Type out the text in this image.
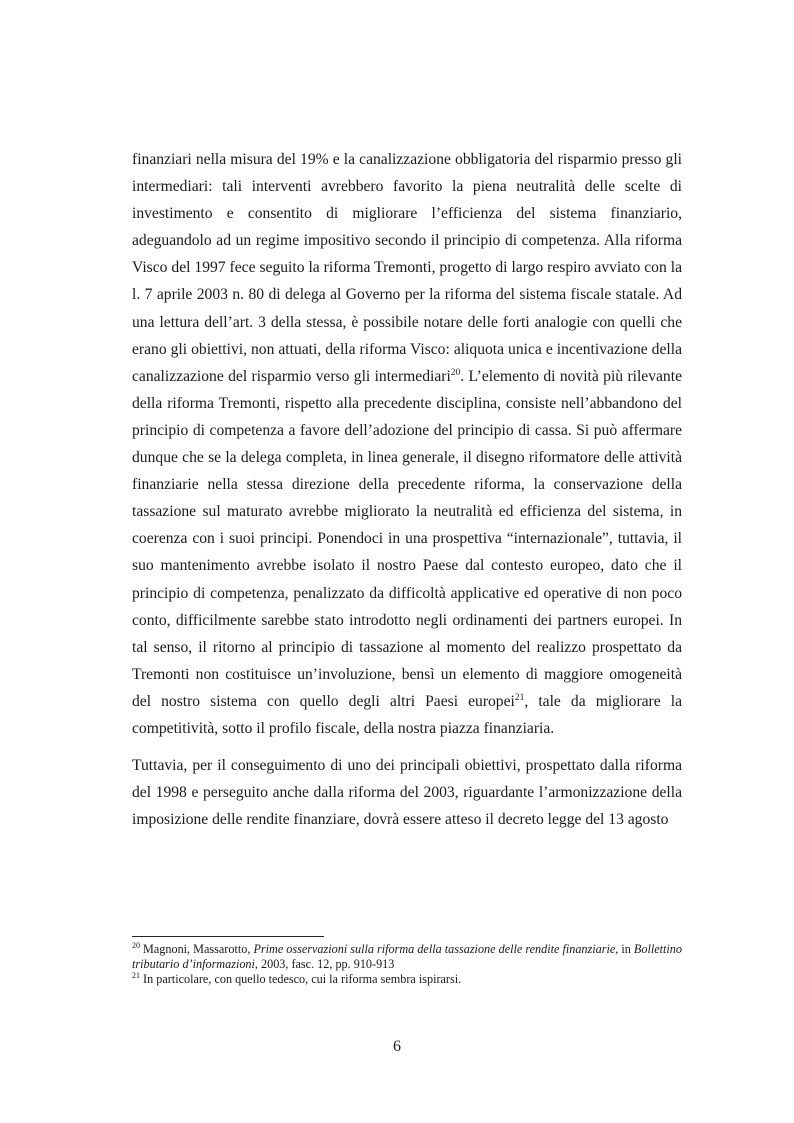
finanziari nella misura del 19% e la canalizzazione obbligatoria del risparmio presso gli intermediari: tali interventi avrebbero favorito la piena neutralità delle scelte di investimento e consentito di migliorare l’efficienza del sistema finanziario, adeguandolo ad un regime impositivo secondo il principio di competenza. Alla riforma Visco del 1997 fece seguito la riforma Tremonti, progetto di largo respiro avviato con la l. 7 aprile 2003 n. 80 di delega al Governo per la riforma del sistema fiscale statale. Ad una lettura dell’art. 3 della stessa, è possibile notare delle forti analogie con quelli che erano gli obiettivi, non attuati, della riforma Visco: aliquota unica e incentivazione della canalizzazione del risparmio verso gli intermediari$^{20}$. L’elemento di novità più rilevante della riforma Tremonti, rispetto alla precedente disciplina, consiste nell’abbandono del principio di competenza a favore dell’adozione del principio di cassa. Si può affermare dunque che se la delega completa, in linea generale, il disegno riformatore delle attività finanziarie nella stessa direzione della precedente riforma, la conservazione della tassazione sul maturato avrebbe migliorato la neutralità ed efficienza del sistema, in coerenza con i suoi principi. Ponendoci in una prospettiva “internazionale”, tuttavia, il suo mantenimento avrebbe isolato il nostro Paese dal contesto europeo, dato che il principio di competenza, penalizzato da difficoltà applicative ed operative di non poco conto, difficilmente sarebbe stato introdotto negli ordinamenti dei partners europei. In tal senso, il ritorno al principio di tassazione al momento del realizzo prospettato da Tremonti non costituisce un’involuzione, bensì un elemento di maggiore omogeneità del nostro sistema con quello degli altri Paesi europei$^{21}$, tale da migliorare la competitività, sotto il profilo fiscale, della nostra piazza finanziaria.

Tuttavia, per il conseguimento di uno dei principali obiettivi, prospettato dalla riforma del 1998 e perseguito anche dalla riforma del 2003, riguardante l’armonizzazione della imposizione delle rendite finanziare, dovrà essere atteso il decreto legge del 13 agosto

$^{20}$ Magnoni, Massarotto, Prime osservazioni sulla riforma della tassazione delle rendite finanziarie, in Bollettino tributario d’informazioni, 2003, fasc. 12, pp. 910-913

$^{21}$ In particolare, con quello tedesco, cui la riforma sembra ispirarsi.

6
